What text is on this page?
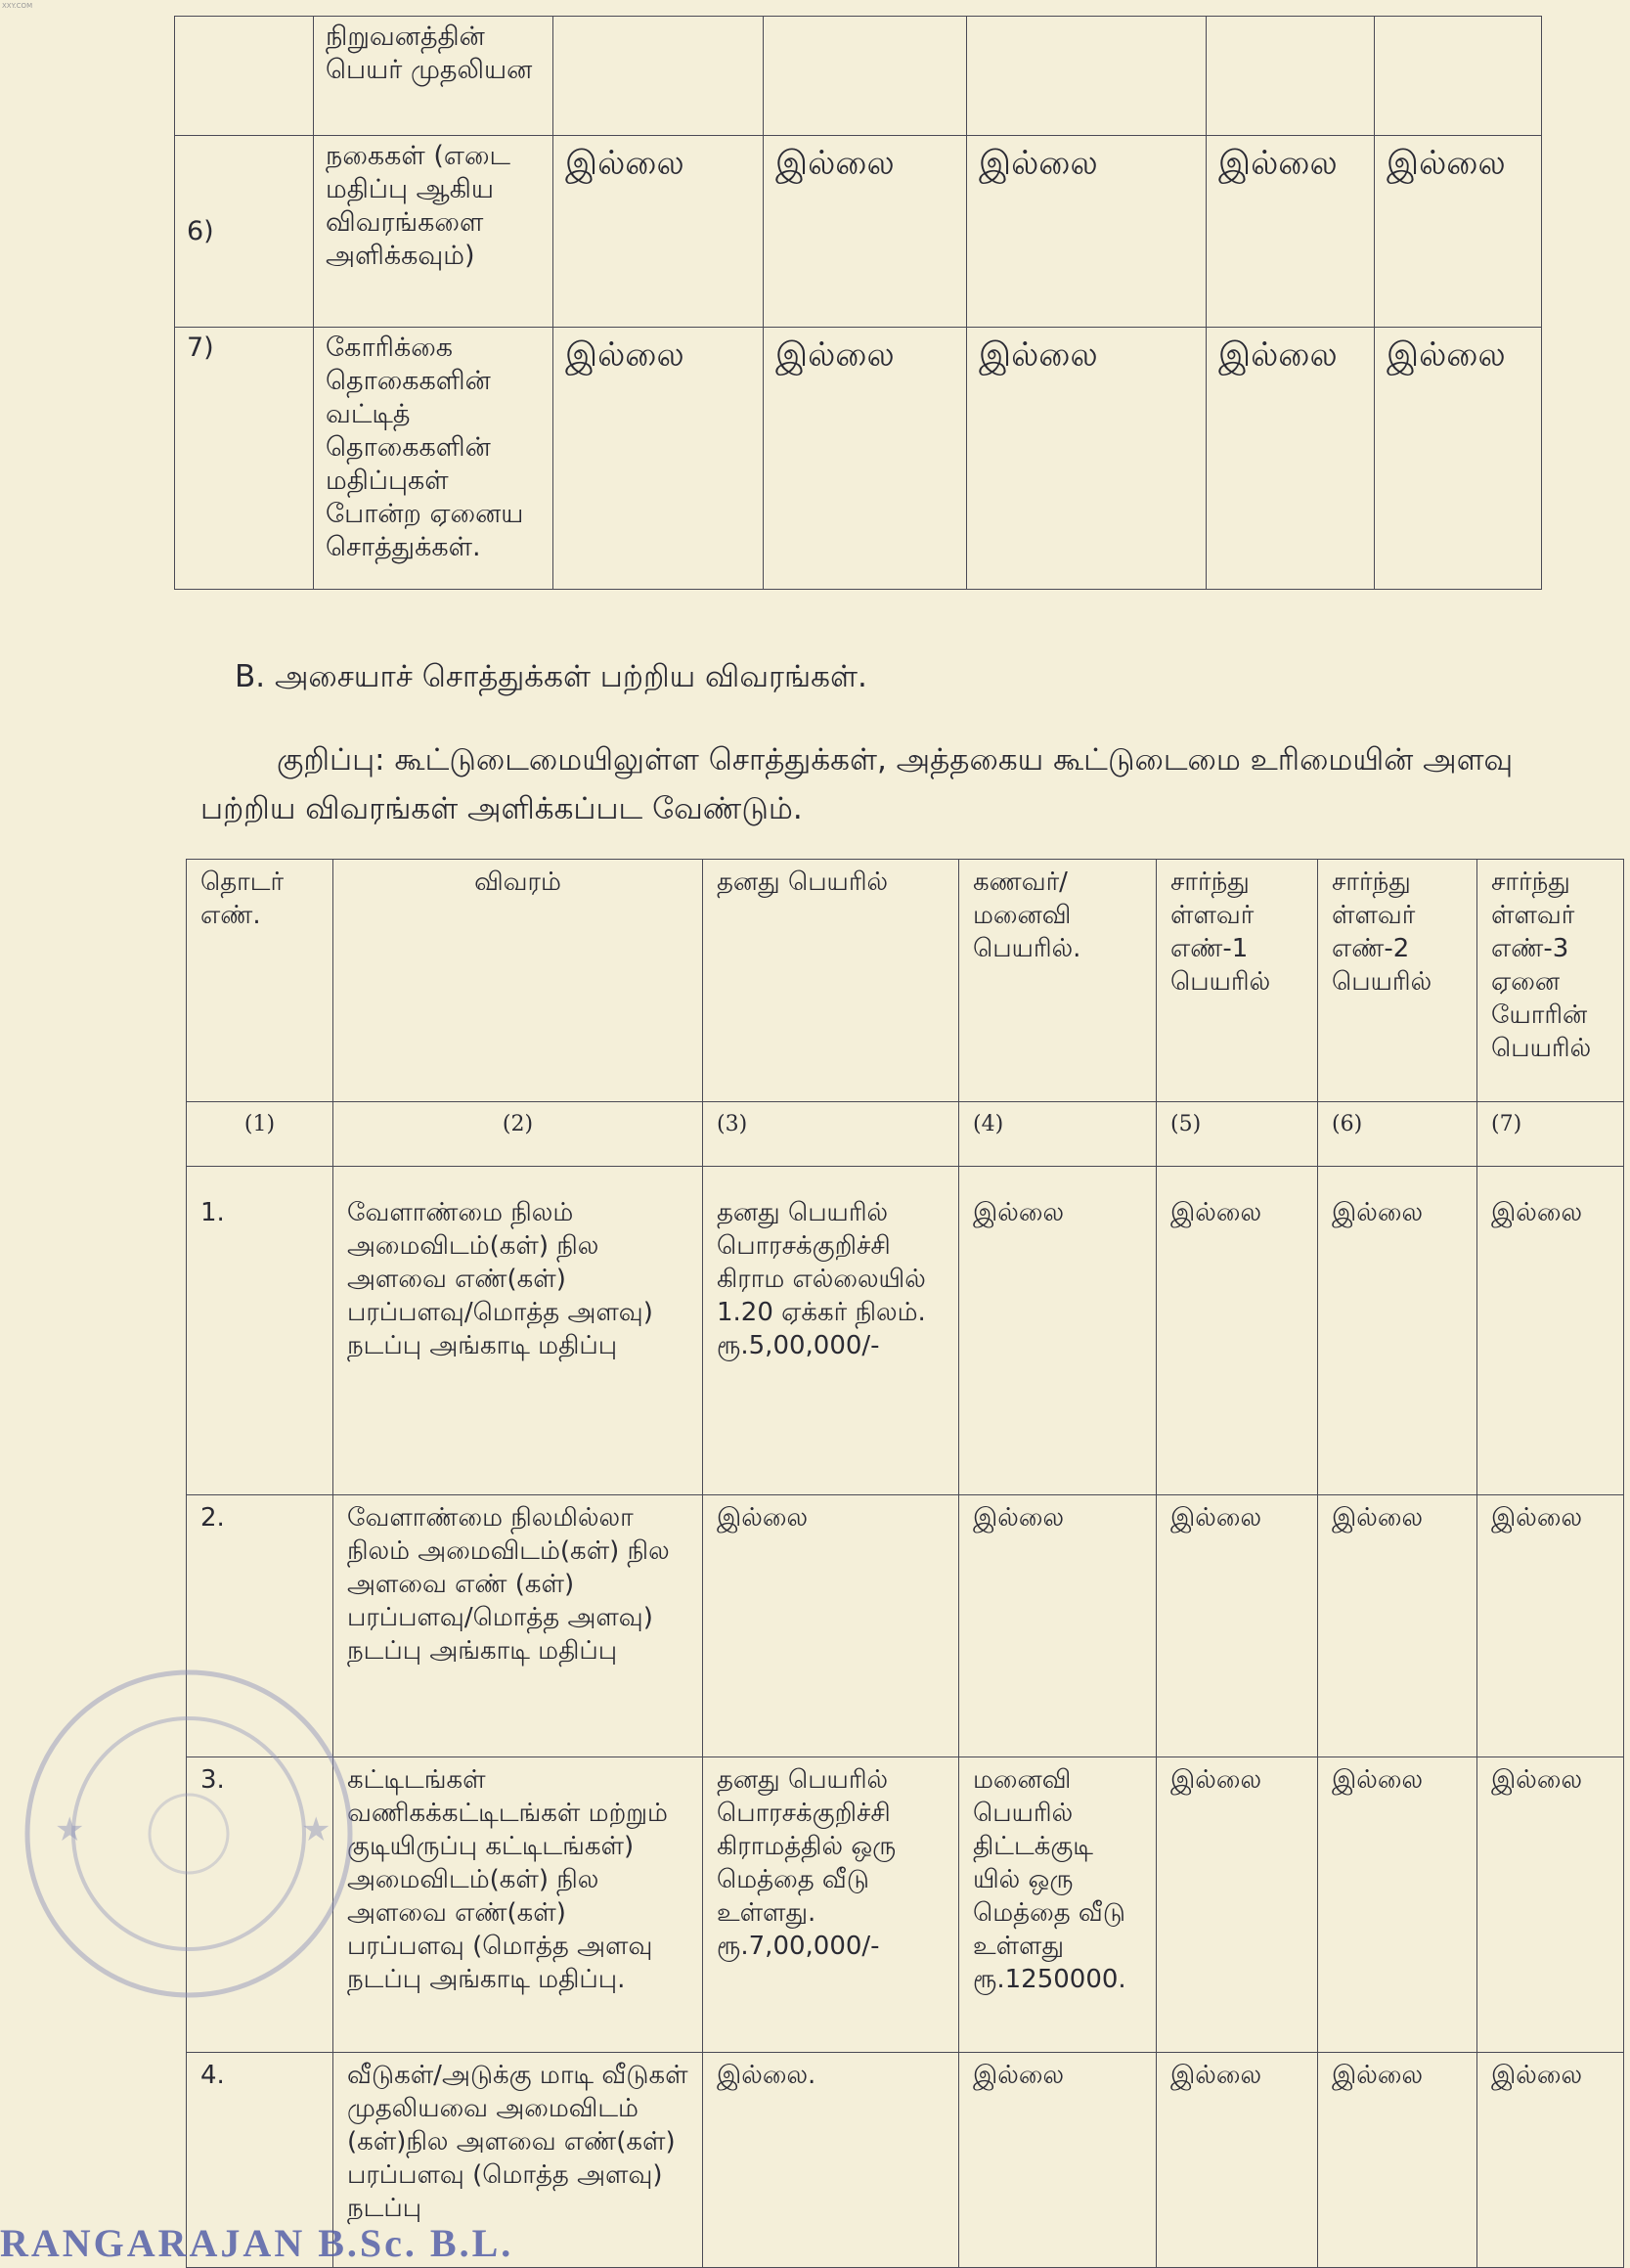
XXY.COM
	நிறுவனத்தின் பெயர் முதலியன					
6)	நகைகள் (எடை மதிப்பு ஆகிய விவரங்களை அளிக்கவும்)	இல்லை	இல்லை	இல்லை	இல்லை	இல்லை
7)	கோரிக்கை தொகைகளின் வட்டித் தொகைகளின் மதிப்புகள் போன்ற ஏனைய சொத்துக்கள்.	இல்லை	இல்லை	இல்லை	இல்லை	இல்லை
B. அசையாச் சொத்துக்கள் பற்றிய விவரங்கள்.
குறிப்பு: கூட்டுடைமையிலுள்ள சொத்துக்கள், அத்தகைய கூட்டுடைமை உரிமையின் அளவு பற்றிய விவரங்கள் அளிக்கப்பட வேண்டும்.
தொடர் எண்.	விவரம்	தனது பெயரில்	கணவர்/ மனைவி பெயரில்.	சார்ந்து ள்ளவர் எண்-1 பெயரில்	சார்ந்து ள்ளவர் எண்-2 பெயரில்	சார்ந்து ள்ளவர் எண்-3 ஏனை யோரின் பெயரில்
(1)	(2)	(3)	(4)	(5)	(6)	(7)
1.	வேளாண்மை நிலம் அமைவிடம்(கள்) நில அளவை எண்(கள்) பரப்பளவு/மொத்த அளவு) நடப்பு அங்காடி மதிப்பு	தனது பெயரில் பொரசக்குறிச்சி கிராம எல்லையில் 1.20 ஏக்கர் நிலம். ரூ.5,00,000/-	இல்லை	இல்லை	இல்லை	இல்லை
2.	வேளாண்மை நிலமில்லா நிலம் அமைவிடம்(கள்) நில அளவை எண் (கள்) பரப்பளவு/மொத்த அளவு) நடப்பு அங்காடி மதிப்பு	இல்லை	இல்லை	இல்லை	இல்லை	இல்லை
3.	கட்டிடங்கள் வணிகக்கட்டிடங்கள் மற்றும் குடியிருப்பு கட்டிடங்கள்) அமைவிடம்(கள்) நில அளவை எண்(கள்) பரப்பளவு (மொத்த அளவு நடப்பு அங்காடி மதிப்பு.	தனது பெயரில் பொரசக்குறிச்சி கிராமத்தில் ஒரு மெத்தை வீடு உள்ளது. ரூ.7,00,000/-	மனைவி பெயரில் திட்டக்குடி யில் ஒரு மெத்தை வீடு உள்ளது ரூ.1250000.	இல்லை	இல்லை	இல்லை
4.	வீடுகள்/அடுக்கு மாடி வீடுகள் முதலியவை அமைவிடம் (கள்)நில அளவை எண்(கள்) பரப்பளவு (மொத்த அளவு) நடப்பு	இல்லை.	இல்லை	இல்லை	இல்லை	இல்லை
★	★
RANGARAJAN B.Sc. B.L.
